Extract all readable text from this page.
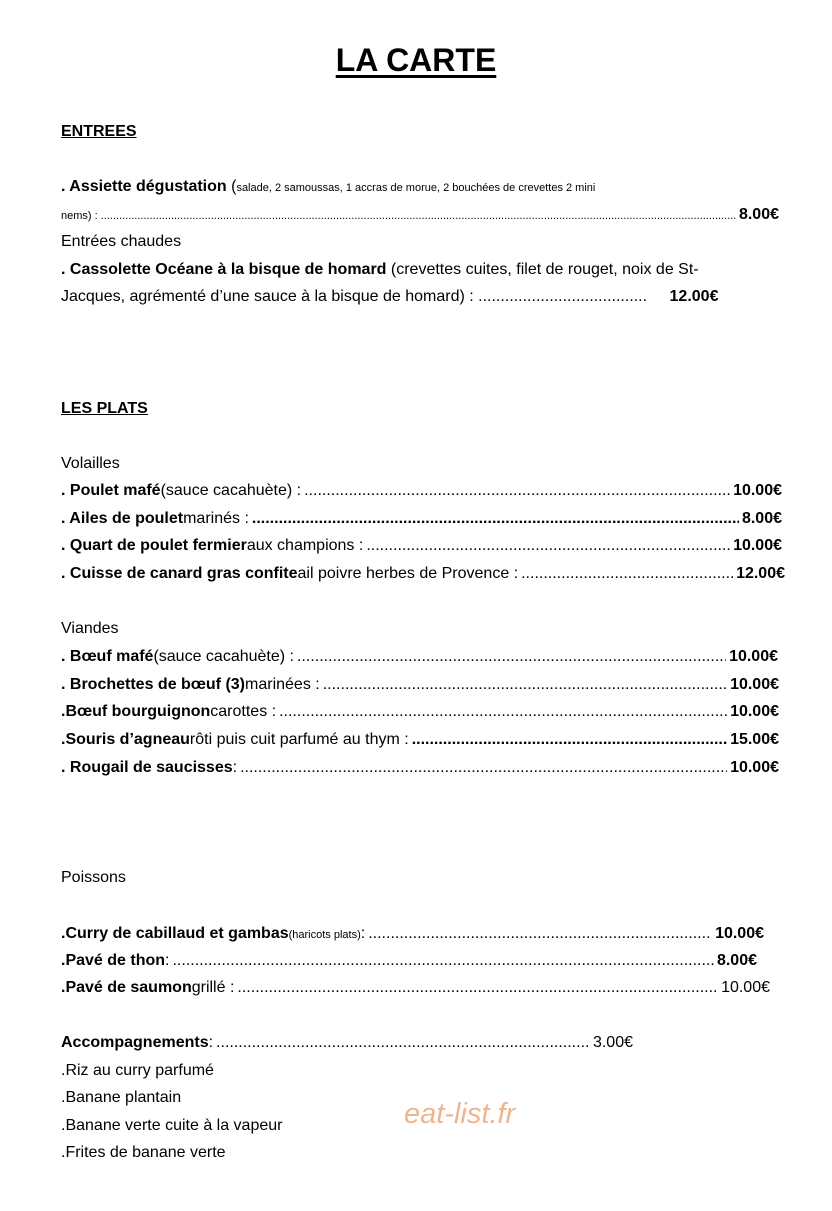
LA CARTE
ENTREES
. Assiette dégustation (salade, 2 samoussas, 1 accras de morue, 2 bouchées de crevettes 2 mini
nems) : .....	8.00€
Entrées chaudes
. Cassolette Océane à la bisque de homard (crevettes cuites, filet de rouget, noix de St-
Jacques, agrémenté d’une sauce à la bisque de homard) : ...................................... 12.00€
LES PLATS
Volailles
. Poulet mafé (sauce cacahuète) : .....	10.00€
. Ailes de poulet marinés : .....	8.00€
. Quart de poulet fermier aux champions : .....	10.00€
. Cuisse de canard gras confite ail poivre herbes de Provence : .....	12.00€
Viandes
. Bœuf mafé (sauce cacahuète) : .....	10.00€
. Brochettes de bœuf (3) marinées : .....	10.00€
.Bœuf bourguignon carottes : .....	10.00€
.Souris d’agneau rôti puis cuit parfumé au thym : .....	15.00€
. Rougail de saucisses : .....	10.00€
Poissons
.Curry de cabillaud et gambas (haricots plats) : .....	10.00€
.Pavé de thon : .....	8.00€
.Pavé de saumon grillé : .....	10.00€
Accompagnements : .....	3.00€
.Riz au curry parfumé
.Banane plantain
.Banane verte cuite à la vapeur
.Frites de banane verte
eat-list.fr
